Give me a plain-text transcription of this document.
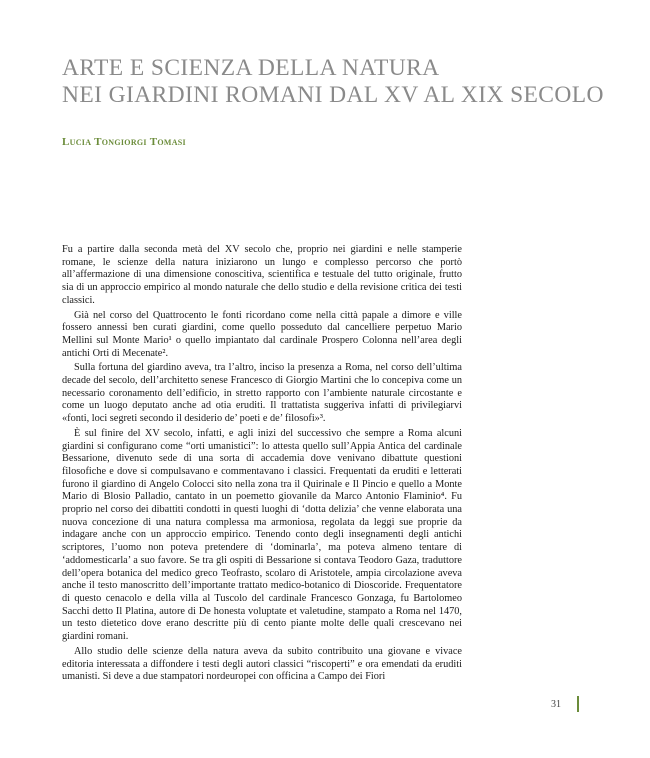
ARTE E SCIENZA DELLA NATURA
NEI GIARDINI ROMANI DAL XV AL XIX SECOLO
Lucia Tongiorgi Tomasi

Fu a partire dalla seconda metà del XV secolo che, proprio nei giardini e nelle stamperie romane, le scienze della natura iniziarono un lungo e complesso percorso che portò all’affermazione di una dimensione conoscitiva, scientifica e testuale del tutto originale, frutto sia di un approccio empirico al mondo naturale che dello studio e della revisione critica dei testi classici.

Già nel corso del Quattrocento le fonti ricordano come nella città papale a dimore e ville fossero annessi ben curati giardini, come quello posseduto dal cancelliere perpetuo Mario Mellini sul Monte Mario¹ o quello impiantato dal cardinale Prospero Colonna nell’area degli antichi Orti di Mecenate².

Sulla fortuna del giardino aveva, tra l’altro, inciso la presenza a Roma, nel corso dell’ultima decade del secolo, dell’architetto senese Francesco di Giorgio Martini che lo concepiva come un necessario coronamento dell’edificio, in stretto rapporto con l’ambiente naturale circostante e come un luogo deputato anche ad otia eruditi. Il trattatista suggeriva infatti di privilegiarvi «fonti, loci segreti secondo il desiderio de’ poeti e de’ filosofi»³.

È sul finire del XV secolo, infatti, e agli inizi del successivo che sempre a Roma alcuni giardini si configurano come “orti umanistici”: lo attesta quello sull’Appia Antica del cardinale Bessarione, divenuto sede di una sorta di accademia dove venivano dibattute questioni filosofiche e dove si compulsavano e commentavano i classici. Frequentati da eruditi e letterati furono il giardino di Angelo Colocci sito nella zona tra il Quirinale e Il Pincio e quello a Monte Mario di Blosio Palladio, cantato in un poemetto giovanile da Marco Antonio Flaminio⁴. Fu proprio nel corso dei dibattiti condotti in questi luoghi di ‘dotta delizia’ che venne elaborata una nuova concezione di una natura complessa ma armoniosa, regolata da leggi sue proprie da indagare anche con un approccio empirico. Tenendo conto degli insegnamenti degli antichi scriptores, l’uomo non poteva pretendere di ‘dominarla’, ma poteva almeno tentare di ‘addomesticarla’ a suo favore. Se tra gli ospiti di Bessarione si contava Teodoro Gaza, traduttore dell’opera botanica del medico greco Teofrasto, scolaro di Aristotele, ampia circolazione aveva anche il testo manoscritto dell’importante trattato medico-botanico di Dioscoride. Frequentatore di questo cenacolo e della villa al Tuscolo del cardinale Francesco Gonzaga, fu Bartolomeo Sacchi detto Il Platina, autore di De honesta voluptate et valetudine, stampato a Roma nel 1470, un testo dietetico dove erano descritte più di cento piante molte delle quali crescevano nei giardini romani.

Allo studio delle scienze della natura aveva da subito contribuito una giovane e vivace editoria interessata a diffondere i testi degli autori classici “riscoperti” e ora emendati da eruditi umanisti. Si deve a due stampatori nordeuropei con officina a Campo dei Fiori

31
